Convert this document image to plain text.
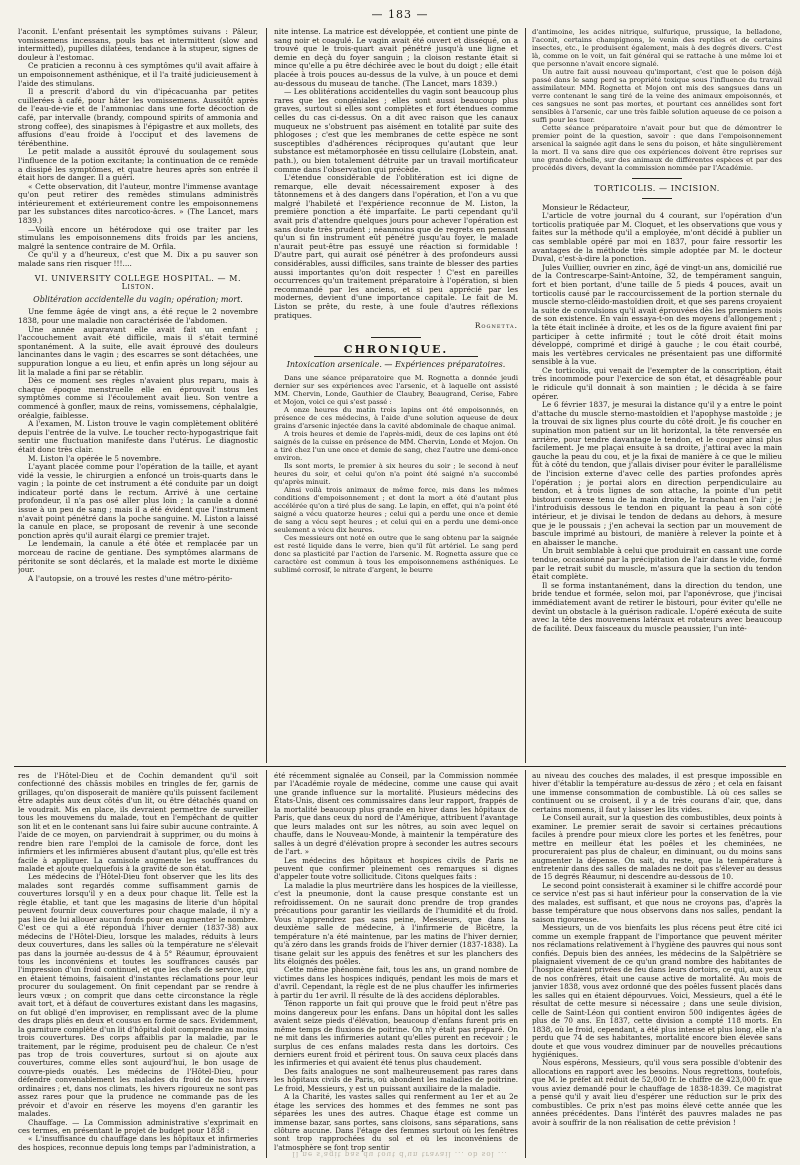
— 183 —

l'aconit. L'enfant présentait les symptômes suivans : Pâleur, vomissemens incessans, pouls bas et intermittent (slow and intermitted), pupilles dilatées, tendance à la stupeur, signes de douleur à l'estomac.

Ce praticien a reconnu à ces symptômes qu'il avait affaire à un empoisonnement asthénique, et il l'a traité judicieusement à l'aide des stimulans.

Il a prescrit d'abord du vin d'ipécacuanha par petites cuillerées à café, pour hâter les vomissemens. Aussitôt après de l'eau-de-vie et de l'ammoniac dans une forte décoction de café, par intervalle (brandy, compound spirits of ammonia and strong coffee), des sinapismes à l'épigastre et aux mollets, des affusions d'eau froide à l'occiput et des lavemens de térébenthine.

Le petit malade a aussitôt éprouvé du soulagement sous l'influence de la potion excitante; la continuation de ce remède a dissipé les symptômes, et quatre heures après son entrée il était hors de danger. Il a guéri.

« Cette observation, dit l'auteur, montre l'immense avantage qu'on peut retirer des remèdes stimulans administrés intérieurement et extérieurement contre les empoisonnemens par les substances dites narcotico-âcres. » (The Lancet, mars 1839.)

—Voilà encore un hétérodoxe qui ose traiter par les stimulans les empoisonnemens dits froids par les anciens, malgré la sentence contraire de M. Orfila.

Ce qu'il y a d'heureux, c'est que M. Dix a pu sauver son malade sans rien risquer !!!....

VI. UNIVERSITY COLLEGE HOSPITAL. — M. Liston.
Oblitération accidentelle du vagin; opération; mort.

Une femme âgée de vingt ans, a été reçue le 2 novembre 1838, pour une maladie non caractérisée de l'abdomen.

Une année auparavant elle avait fait un enfant ; l'accouchement avait été difficile, mais il s'était terminé spontanément. A la suite, elle avait éprouvé des douleurs lancinantes dans le vagin ; des escarres se sont détachées, une suppuration longue a eu lieu, et enfin après un long séjour au lit la malade a fini par se rétablir.

Dès ce moment ses règles n'avaient plus reparu, mais à chaque époque menstruelle elle en éprouvait tous les symptômes comme si l'écoulement avait lieu. Son ventre a commencé à gonfler, maux de reins, vomissemens, céphalalgie, oréalgie, faiblesse.

A l'examen, M. Liston trouve le vagin complètement oblitéré depuis l'entrée de la vulve. Le toucher recto-hypogastrique fait sentir une fluctuation manifeste dans l'utérus. Le diagnostic était donc très clair.

M. Liston l'a opérée le 5 novembre.

L'ayant placée comme pour l'opération de la taille, et ayant vidé la vessie, le chirurgien a enfoncé un trois-quarts dans le vagin ; la pointe de cet instrument a été conduite par un doigt indicateur porté dans le rectum. Arrivé à une certaine profondeur, il n'a pas osé aller plus loin ; la canule a donné issue à un peu de sang ; mais il a été évident que l'instrument n'avait point pénétré dans la poche sanguine. M. Liston a laissé la canule en place, se proposant de revenir à une seconde ponction après qu'il aurait élargi ce premier trajet.

Le lendemain, la canule a été ôtée et remplacée par un morceau de racine de gentiane. Des symptômes alarmans de péritonite se sont déclarés, et la malade est morte le dixième jour.

A l'autopsie, on a trouvé les restes d'une métro-périto-

nite intense. La matrice est développée, et contient une pinte de sang noir et coagulé. Le vagin avait été ouvert et disséqué, on a trouvé que le trois-quart avait pénétré jusqu'à une ligne et demie en deçà du foyer sanguin ; la cloison restante était si mince qu'elle a pu être déchirée avec le bout du doigt ; elle était placée à trois pouces au-dessus de la vulve, à un pouce et demi au-dessous du museau de tanche. (The Lancet, mars 1839.)

— Les oblitérations accidentelles du vagin sont beaucoup plus rares que les congéniales ; elles sont aussi beaucoup plus graves, surtout si elles sont complètes et fort étendues comme celles du cas ci-dessus. On a dit avec raison que les canaux muqueux ne s'obstruent pas aisément en totalité par suite des phlogoses ; c'est que les membranes de cette espèce ne sont susceptibles d'adhérences réciproques qu'autant que leur substance est métamorphosée en tissu cellulaire (Lobstein, anat. path.), ou bien totalement détruite par un travail mortificateur comme dans l'observation qui précède.

L'étendue considérable de l'oblitération est ici digne de remarque, elle devait nécessairement exposer à des tâtonnemens et à des dangers dans l'opération, et l'on a vu que malgré l'habileté et l'expérience reconnue de M. Liston, la première ponction a été imparfaite. Le parti cependant qu'il avait pris d'attendre quelques jours pour achever l'opération est sans doute très prudent ; néanmoins que de regrets en pensant qu'un si fin instrument eût pénétré jusqu'au foyer, le malade n'aurait peut-être pas essuyé une réaction si formidable ! D'autre part, qui aurait osé pénétrer à des profondeurs aussi considérables, aussi difficiles, sans trainte de blesser des parties aussi importantes qu'on doit respecter ! C'est en pareilles occurrences qu'un traitement préparatoire à l'opération, si bien recommandé par les anciens, et si peu apprécié par les modernes, devient d'une importance capitale. Le fait de M. Liston se prête, du reste, à une foule d'autres réflexions pratiques.

Rognetta.
CHRONIQUE.
Intoxication arsenicale. — Expériences préparatoires.

Dans une séance préparatoire que M. Rognetta a donnée jeudi dernier sur ses expériences avec l'arsenic, et à laquelle ont assisté MM. Chervin, Londe, Gauthier de Claubry, Beaugrand, Cerise, Fabre et Mojon, voici ce qui s'est passé :

A onze heures du matin trois lapins ont été empoisonnés, en présence de ces médecins, à l'aide d'une solution aqueuse de deux grains d'arsenic injectée dans la cavité abdominale de chaque animal.

A trois heures et demie de l'après-midi, deux de ces lapins ont été saignés de la cuisse en présence de MM. Chervin, Londe et Mojon. On a tiré chez l'un une once et demie de sang, chez l'autre une demi-once environ.

Ils sont morts, le premier à six heures du soir ; le second à neuf heures du soir, et celui qu'on n'a point été saigné n'a succombé qu'après minuit.

Ainsi voilà trois animaux de même force, mis dans les mêmes conditions d'empoisonnement ; et dont la mort a été d'autant plus accélérée qu'on a tiré plus de sang. Le lapin, en effet, qui n'a point été saigné a vécu quatorze heures ; celui qui a perdu une once et demie de sang a vécu sept heures ; et celui qui en a perdu une demi-once seulement a vécu dix heures.

Ces messieurs ont noté en outre que le sang obtenu par la saignée est resté liquide dans le verre, bien qu'il fût artériel. Le sang perd donc sa plasticité par l'action de l'arsenic. M. Rognetta assure que ce caractère est commun à tous les empoisonnemens asthéniques. Le sublimé corrosif, le nitrate d'argent, le beurre

d'antimoine, les acides nitrique, sulfurique, prussique, la belladone, l'aconit, certains champignons, le venin des reptiles et de certains insectes, etc., le produisent également, mais à des degrés divers. C'est là, comme on le voit, un fait général qui se rattache à une même loi et que personne n'avait encore signalé.

Un autre fait aussi nouveau qu'important, c'est que le poison déjà passé dans le sang perd sa propriété toxique sous l'influence du travail assimilateur. MM. Rognetta et Mojon ont mis des sangsues dans un verre contenant le sang tiré de la veine des animaux empoisonnés, et ces sangsues ne sont pas mortes, et pourtant ces annélides sont fort sensibles à l'arsenic, car une très faible solution aqueuse de ce poison a suffi pour les tuer.

Cette séance préparatoire n'avait pour but que de démontrer le premier point de la question, savoir : que dans l'empoisonnement arsenical la saignée agit dans le sens du poison, et hâte singulièrement la mort. Il va sans dire que ces expériences doivent être reprises sur une grande échelle, sur des animaux de différentes espèces et par des procédés divers, devant la commission nommée par l'Académie.

TORTICOLIS. — INCISION.

Monsieur le Rédacteur,

L'article de votre journal du 4 courant, sur l'opération d'un torticolis pratiquée par M. Cloquet, et les observations que vous y faites sur la méthode qu'il a employée, m'ont décidé à publier un cas semblable opéré par moi en 1837, pour faire ressortir les avantages de la méthode très simple adoptée par M. le docteur Duval, c'est-à-dire la ponction.

Jules Vuillier, ouvrier en zinc, âgé de vingt-un ans, domicilié rue de la Contrescarpe-Saint-Antoine, 32, de tempérament sanguin, fort et bien portant, d'une taille de 5 pieds 4 pouces, avait un torticolis causé par le raccourcissement de la portion sternale du muscle sterno-cléido-mastoïdien droit, et que ses parens croyaient la suite de convulsions qu'il avait éprouvées dès les premiers mois de son existence. En vain essaya-t-on des moyens d'allongement ; la tête était inclinée à droite, et les os de la figure avaient fini par participer à cette infirmité ; tout le côté droit était moins développé, comprimé et dirigé à gauche ; le cou était courbé, mais les vertèbres cervicales ne présentaient pas une difformité sensible à la vue.

Ce torticolis, qui venait de l'exempter de la conscription, était très incommode pour l'exercice de son état, et désagréable pour le ridicule qu'il donnait à son maintien ; le décida à se faire opérer.

Le 6 février 1837, je mesurai la distance qu'il y a entre le point d'attache du muscle sterno-mastoïdien et l'apophyse mastoïde ; je la trouvai de six lignes plus courte du côté droit. Je fis coucher en supination mon patient sur un lit horizontal, la tête renversée en arrière, pour tendre davantage le tendon, et le couper ainsi plus facilement. Je me plaçai ensuite à sa droite, j'attirai avec la main gauche la peau du cou, et je la fixai de manière à ce que le milieu fût à côté du tendon, que j'allais diviser pour éviter le parallélisme de l'incision externe d'avec celle des parties profondes après l'opération ; je portai alors en direction perpendiculaire au tendon, et à trois lignes de son attache, la pointe d'un petit bistouri convexe tenu de la main droite, le tranchant en l'air ; je l'introduisis dessous le tendon en piquant la peau à son côté intérieur, et je divisai le tendon de dedans au dehors, à mesure que je le poussais ; j'en achevai la section par un mouvement de bascule imprimé au bistouri, de manière à relever la pointe et à en abaisser le manche.

Un bruit semblable à celui que produirait en cassant une corde tendue, occasionné par la précipitation de l'air dans le vide, formé par le retrait subit du muscle, m'assura que la section du tendon était complète.

Il se forma instantanément, dans la direction du tendon, une bride tendue et formée, selon moi, par l'aponévrose, que j'incisai immédiatement avant de retirer le bistouri, pour éviter qu'elle ne devînt un obstacle à la guérison radicale. L'opéré exécuta de suite avec la tête des mouvemens latéraux et rotateurs avec beaucoup de facilité. Deux faisceaux du muscle peaussier, l'un inté-

res de l'Hôtel-Dieu et de Cochin demandent qu'il soit confectionné des châssis mobiles en tringles de fer, garnis de grillages, qu'on disposerait de manière qu'ils puissent facilement être adaptés aux deux côtés d'un lit, ou être détachés quand on le voudrait. Mis en place, ils devraient permettre de surveiller tous les mouvemens du malade, tout en l'empêchant de quitter son lit et en le contenant sans lui faire subir aucune contrainte. A l'aide de ce moyen, on parviendrait à supprimer, ou du moins à rendre bien rare l'emploi de la camisole de force, dont les infirmiers et les infirmières abusent d'autant plus, qu'elle est très facile à appliquer. La camisole augmente les souffrances du malade et ajoute quelquefois à la gravité de son état.

Les médecins de l'Hôtel-Dieu font observer que les lits des malades sont regardés comme suffisamment garnis de couvertures lorsqu'il y en a deux pour chaque lit. Telle est la règle établie, et tant que les magasins de literie d'un hôpital peuvent fournir deux couvertures pour chaque malade, il n'y a pas lieu de lui allouer aucun fonds pour en augmenter le nombre. C'est ce qui a été réponduà l'hiver dernier (1837-38) aux médecins de l'Hôtel-Dieu, lorsque les malades, réduits à leurs deux couvertures, dans les salles où la température ne s'élevait pas dans la journée au-dessus de 4 à 5° Réaumur, éprouvaient tous les inconvéniens et toutes les souffrances causés par l'impression d'un froid continuel, et que les chefs de service, qui en étaient témoins, faisaient d'instantes réclamations pour leur procurer du soulagement. On finit cependant par se rendre à leurs vœux ; on comprit que dans cette circonstance la règle avait tort, et à défaut de couvertures existant dans les magasins, on fut obligé d'en improviser, en remplissant avec de la plume des draps pliés en deux et cousus en forme de sacs. Evidemment, la garniture complète d'un lit d'hôpital doit comprendre au moins trois couvertures. Des corps affaiblis par la maladie, par le traitement, par le régime, produisent peu de chaleur. Ce n'est pas trop de trois couvertures, surtout si on ajoute aux couvertures, comme elles sont aujourd'hui, le bon usage de couvre-pieds ouatés. Les médecins de l'Hôtel-Dieu, pour défendre convenablement les malades du froid de nos hivers ordinaires ; et, dans nos climats, les hivers rigoureux ne sont pas assez rares pour que la prudence ne commande pas de les prévoir et d'avoir en réserve les moyens d'en garantir les malades.

Chauffage. — La Commission administrative s'exprimait en ces termes, en présentant le projet de budget pour 1838 :

« L'insuffisance du chauffage dans les hôpitaux et infirmeries des hospices, reconnue depuis long temps par l'administration, a

été récemment signalée au Conseil, par la Commission nommée par l'Académie royale de médecine, comme une cause qui avait une grande influence sur la mortalité. Plusieurs médecins des États-Unis, disent ces commissaires dans leur rapport, frappés de la mortalité beaucoup plus grande en hiver dans les hôpitaux de Paris, que dans ceux du nord de l'Amérique, attribuent l'avantage que leurs malades ont sur les nôtres, au soin avec lequel on chauffe, dans le Nouveau-Monde, à maintenir la température des salles à un degré d'élévation propre à seconder les autres secours de l'art. »

Les médecins des hôpitaux et hospices civils de Paris ne peuvent que confirmer pleinement ces remarques si dignes d'appeler toute votre sollicitude. Citons quelques faits :

La maladie la plus meurtrière dans les hospices de la vieillesse, c'est la pneumonie, dont la cause presque constante est un refroidissement. On ne saurait donc prendre de trop grandes précautions pour garantir les vieillards de l'humidité et du froid. Vous n'apprendrez pas sans peine, Messieurs, que dans la deuxième salle de médecine, à l'infirmerie de Bicêtre, la température n'a été maintenue, par les matins de l'hiver dernier, qu'à zéro dans les grands froids de l'hiver dernier (1837-1838). La tisane gelait sur les appuis des fenêtres et sur les planchers des lits éloignés des poêles.

Cette même phénomène fait, tous les ans, un grand nombre de victimes dans les hospices indiqués, pendant les mois de mars et d'avril. Cependant, la règle est de ne plus chauffer les infirmeries à partir du 1er avril. Il résulte de là des accidens déplorables.

Ténon rapporte un fait qui prouve que le froid peut n'être pas moins dangereux pour les enfans. Dans un hôpital dont les salles avaient seize pieds d'élévation, beaucoup d'enfans furent pris en même temps de fluxions de poitrine. On n'y était pas préparé. On ne mit dans les infirmeries autant qu'elles purent en recevoir ; le surplus de ces enfans malades resta dans les dortoirs. Ces derniers eurent froid et périrent tous. On sauva ceux placés dans les infirmeries et qui avaient été tenus plus chaudement.

Des faits analogues ne sont malheureusement pas rares dans les hôpitaux civils de Paris, où abondent les maladies de poitrine. Le froid, Messieurs, y est un puissant auxiliaire de la maladie.

A la Charité, les vastes salles qui renferment au 1er et au 2e étage les services des hommes et des femmes ne sont pas séparées les unes des autres. Chaque étage est comme un immense bazar, sans portes, sans cloisons, sans séparations, sans clôture aucune. Dans l'étage des femmes surtout où les fenêtres sont trop rapprochées du sol et où les inconvéniens de l'atmosphère se font trop sentir

au niveau des couches des malades, il est presque impossible en hiver d'établir la température au-dessus de zéro ; et cela en faisant une immense consommation de combustible. Là où ces salles se continuent ou se croisent, il y a de très courans d'air, que, dans certains momens, il faut y laisser les lits vides.

Le Conseil aurait, sur la question des combustibles, deux points à examiner. Le premier serait de savoir si certaines précautions faciles à prendre pour mieux clore les portes et les fenêtres, pour mettre en meilleur état les poêles et les cheminées, ne procureraient pas plus de chaleur, en diminuant, ou du moins sans augmenter la dépense. On sait, du reste, que la température à entretenir dans des salles de malades ne doit pas s'élever au dessus de 15 degrés Réaumur, ni descendre au-dessous de 10.

Le second point consisterait à examiner si le chiffre accordé pour ce service n'est pas si haut inférieur pour la conservation de la vie des malades, est suffisant, et que nous ne croyons pas, d'après la basse température que nous observons dans nos salles, pendant la saison rigoureuse.

Messieurs, un de vos bienfaits les plus récens peut être cité ici comme un exemple frappant de l'importance que peuvent mériter nos réclamations relativement à l'hygiène des pauvres qui nous sont confiés. Depuis bien des années, les médecins de la Salpêtrière se plaignaient vivement de ce qu'un grand nombre des habitantes de l'hospice étaient privées de feu dans leurs dortoirs, ce qui, aux yeux de nos confrères, était une cause active de mortalité. Au mois de janvier 1838, vous avez ordonné que des poêles fussent placés dans les salles qui en étaient dépourvues. Voici, Messieurs, quel a été le résultat de cette mesure si nécessaire ; dans une seule division, celle de Saint-Léon qui contient environ 500 indigentes âgées de plus de 70 ans. En 1837, cette division a compté 118 morts. En 1838, où le froid, cependant, a été plus intense et plus long, elle n'a perdu que 74 de ses habitantes, mortalité encore bien élevée sans doute et que vous voudrez diminuer par de nouvelles précautions hygiéniques.

Nous espérons, Messieurs, qu'il vous sera possible d'obtenir des allocations en rapport avec les besoins. Nous regrettons, toutefois, que M. le préfet ait réduit de 52,000 fr. le chiffre de 423,000 fr. que vous aviez demandé pour le chauffage de 1838-1839. Ce magistrat a pensé qu'il y avait lieu d'espérer une réduction sur le prix des combustibles. Ce prix n'est pas moins élevé cette année que les années précédentes. Dans l'intérêt des pauvres malades ne pas avoir à souffrir de la non réalisation de cette prévision !

Il ne s'agit pas du tout d'un travail ... ob sol ...
